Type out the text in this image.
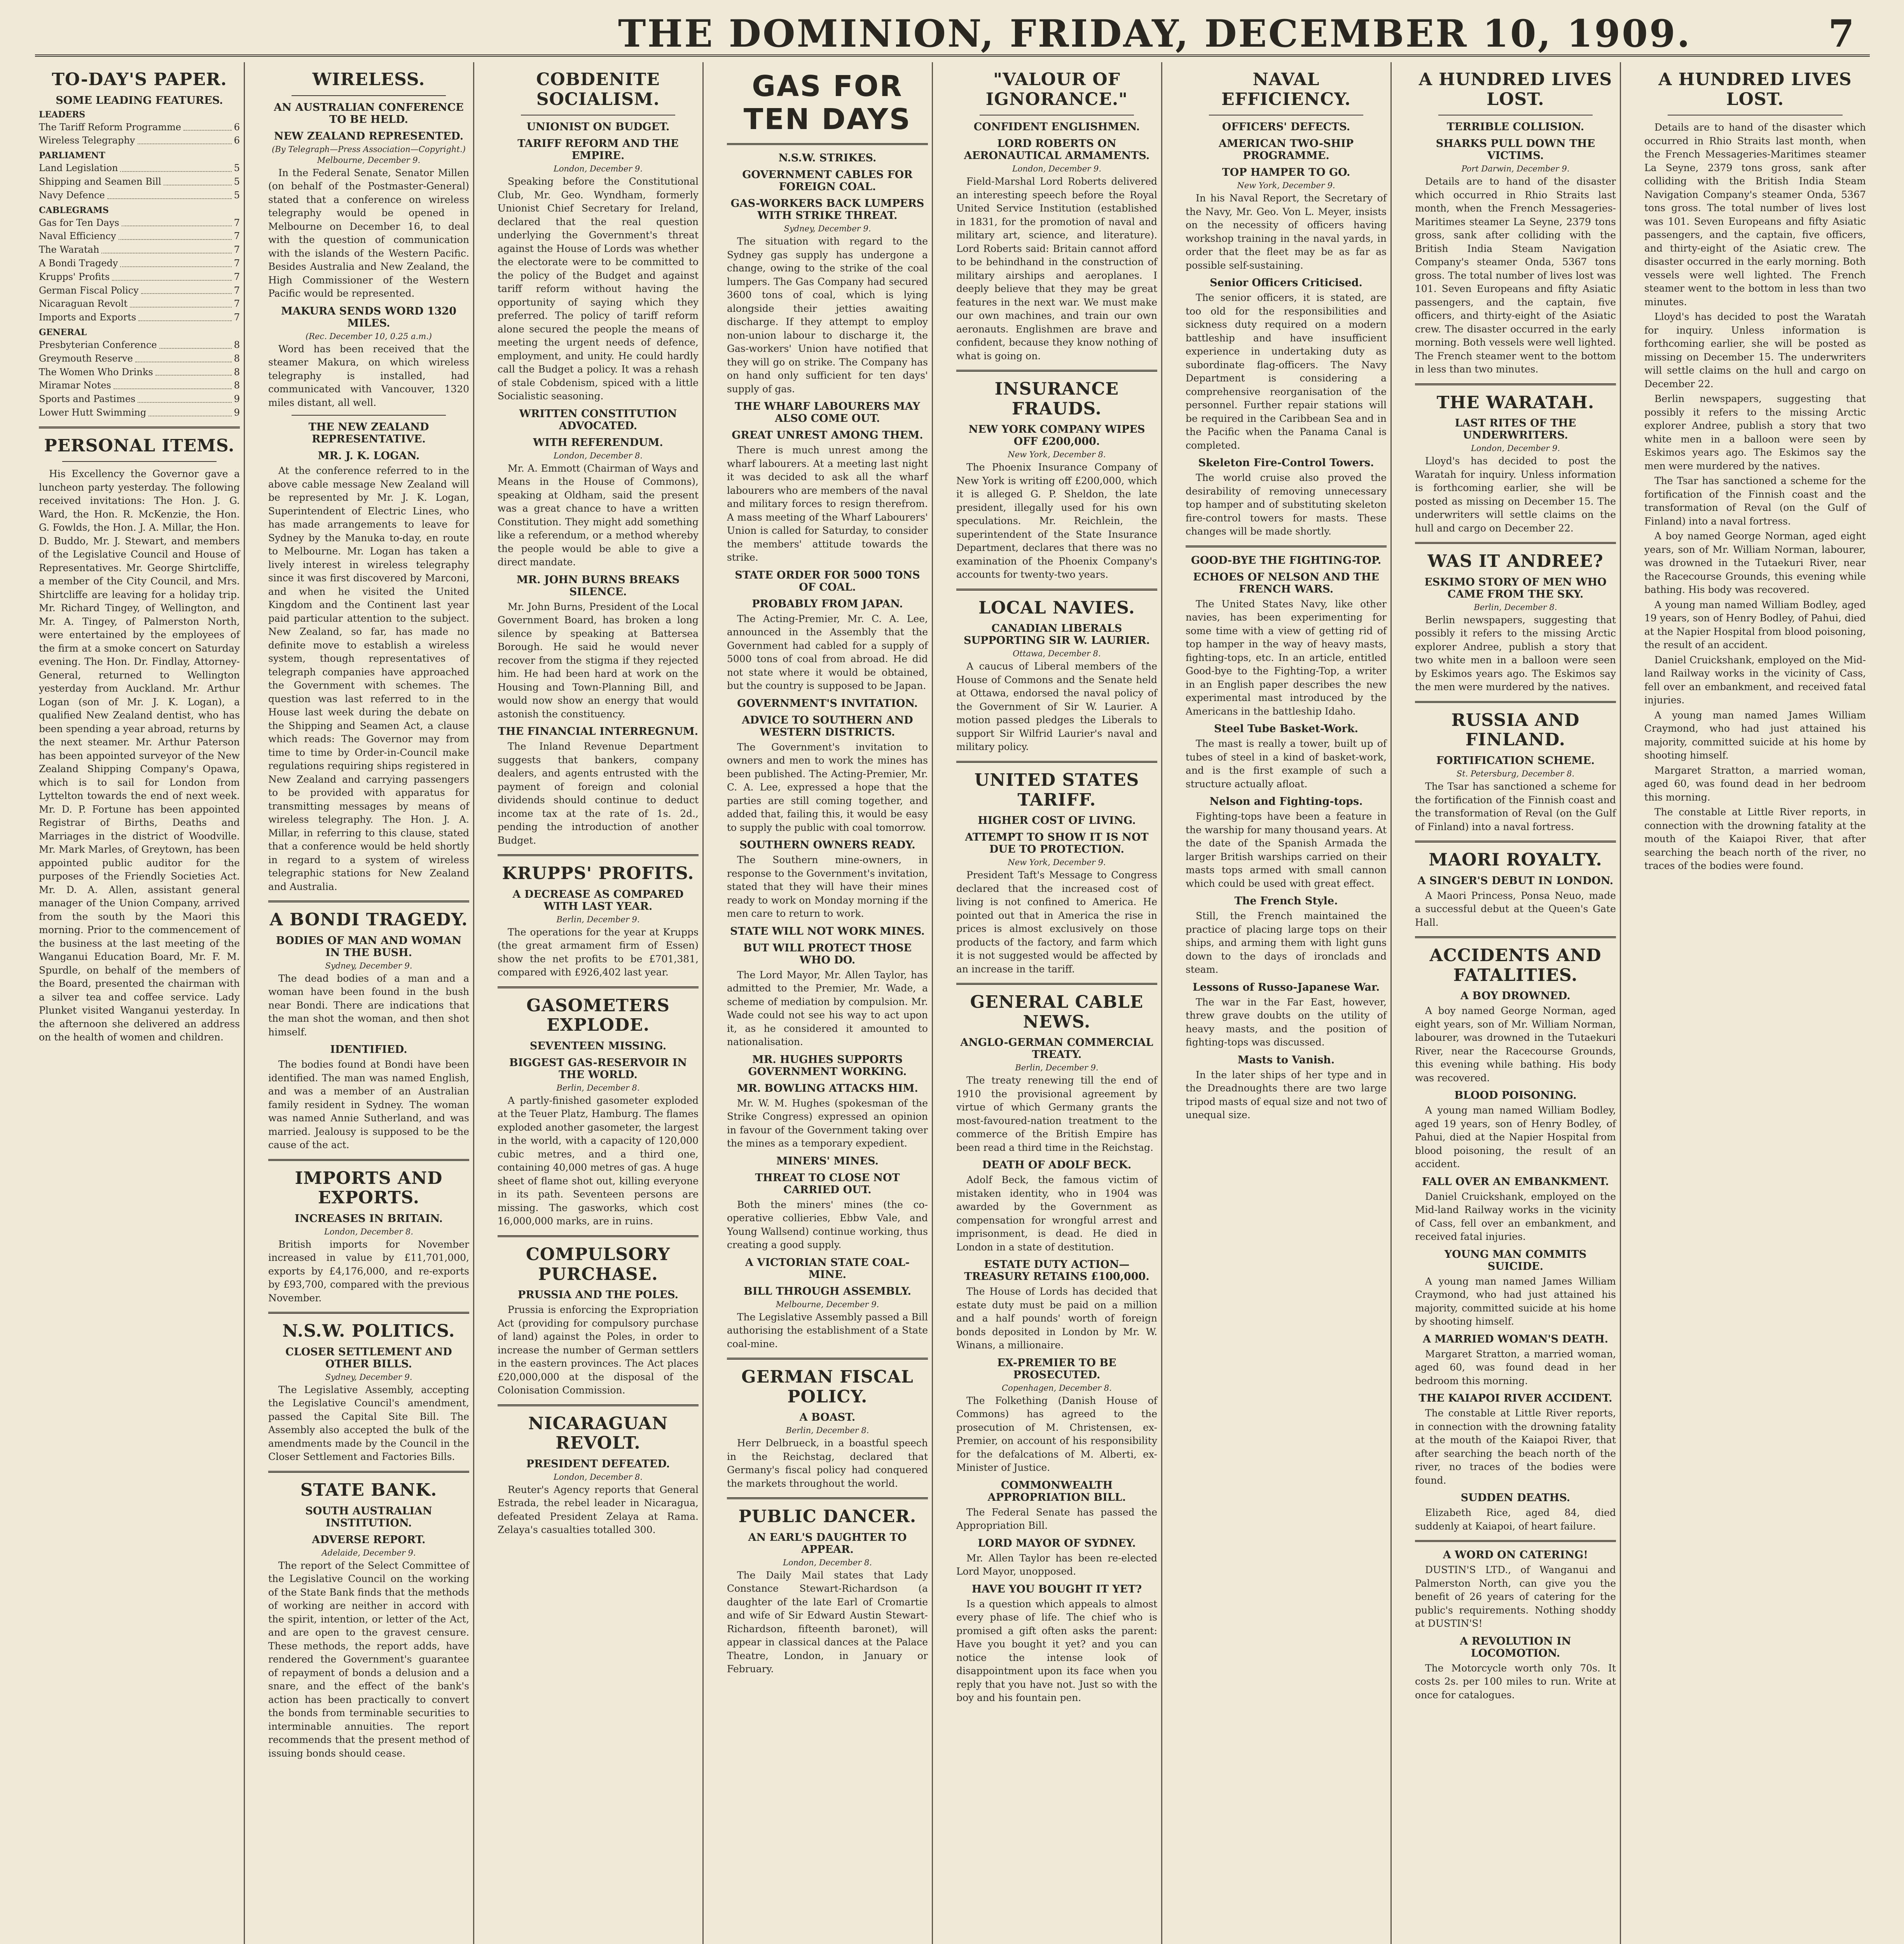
THE DOMINION, FRIDAY, DECEMBER 10, 1909.	7
TO-DAY'S PAPER.
SOME LEADING FEATURES.
LEADERS
The Tariff Reform Programme	6
Wireless Telegraphy	6
PARLIAMENT
Land Legislation	5
Shipping and Seamen Bill	5
Navy Defence	5
CABLEGRAMS
Gas for Ten Days	7
Naval Efficiency	7
The Waratah	7
A Bondi Tragedy	7
Krupps' Profits	7
German Fiscal Policy	7
Nicaraguan Revolt	7
Imports and Exports	7
GENERAL
Presbyterian Conference	8
Greymouth Reserve	8
The Women Who Drinks	8
Miramar Notes	8
Sports and Pastimes	9
Lower Hutt Swimming	9
PERSONAL ITEMS.

His Excellency the Governor gave a luncheon party yesterday. The following received invitations: The Hon. J. G. Ward, the Hon. R. McKenzie, the Hon. G. Fowlds, the Hon. J. A. Millar, the Hon. D. Buddo, Mr. J. Stewart, and members of the Legislative Council and House of Representatives. Mr. George Shirtcliffe, a member of the City Council, and Mrs. Shirtcliffe are leaving for a holiday trip. Mr. Richard Tingey, of Wellington, and Mr. A. Tingey, of Palmerston North, were entertained by the employees of the firm at a smoke concert on Saturday evening. The Hon. Dr. Findlay, Attorney-General, returned to Wellington yesterday from Auckland. Mr. Arthur Logan (son of Mr. J. K. Logan), a qualified New Zealand dentist, who has been spending a year abroad, returns by the next steamer. Mr. Arthur Paterson has been appointed surveyor of the New Zealand Shipping Company's Opawa, which is to sail for London from Lyttelton towards the end of next week. Mr. D. P. Fortune has been appointed Registrar of Births, Deaths and Marriages in the district of Woodville. Mr. Mark Marles, of Greytown, has been appointed public auditor for the purposes of the Friendly Societies Act. Mr. D. A. Allen, assistant general manager of the Union Company, arrived from the south by the Maori this morning. Prior to the commencement of the business at the last meeting of the Wanganui Education Board, Mr. F. M. Spurdle, on behalf of the members of the Board, presented the chairman with a silver tea and coffee service. Lady Plunket visited Wanganui yesterday. In the afternoon she delivered an address on the health of women and children.

WIRELESS.
AN AUSTRALIAN CONFERENCE TO BE HELD.
NEW ZEALAND REPRESENTED.
(By Telegraph—Press Association—Copyright.)
Melbourne, December 9.

In the Federal Senate, Senator Millen (on behalf of the Postmaster-General) stated that a conference on wireless telegraphy would be opened in Melbourne on December 16, to deal with the question of communication with the islands of the Western Pacific. Besides Australia and New Zealand, the High Commissioner of the Western Pacific would be represented.

MAKURA SENDS WORD 1320 MILES.
(Rec. December 10, 0.25 a.m.)

Word has been received that the steamer Makura, on which wireless telegraphy is installed, had communicated with Vancouver, 1320 miles distant, all well.

THE NEW ZEALAND REPRESENTATIVE.
MR. J. K. LOGAN.

At the conference referred to in the above cable message New Zealand will be represented by Mr. J. K. Logan, Superintendent of Electric Lines, who has made arrangements to leave for Sydney by the Manuka to-day, en route to Melbourne. Mr. Logan has taken a lively interest in wireless telegraphy since it was first discovered by Marconi, and when he visited the United Kingdom and the Continent last year paid particular attention to the subject. New Zealand, so far, has made no definite move to establish a wireless system, though representatives of telegraph companies have approached the Government with schemes. The question was last referred to in the House last week during the debate on the Shipping and Seamen Act, a clause which reads: The Governor may from time to time by Order-in-Council make regulations requiring ships registered in New Zealand and carrying passengers to be provided with apparatus for transmitting messages by means of wireless telegraphy. The Hon. J. A. Millar, in referring to this clause, stated that a conference would be held shortly in regard to a system of wireless telegraphic stations for New Zealand and Australia.

A BONDI TRAGEDY.
BODIES OF MAN AND WOMAN IN THE BUSH.
Sydney, December 9.

The dead bodies of a man and a woman have been found in the bush near Bondi. There are indications that the man shot the woman, and then shot himself.

IDENTIFIED.

The bodies found at Bondi have been identified. The man was named English, and was a member of an Australian family resident in Sydney. The woman was named Annie Sutherland, and was married. Jealousy is supposed to be the cause of the act.

IMPORTS AND EXPORTS.
INCREASES IN BRITAIN.
London, December 8.

British imports for November increased in value by £11,701,000, exports by £4,176,000, and re-exports by £93,700, compared with the previous November.

N.S.W. POLITICS.
CLOSER SETTLEMENT AND OTHER BILLS.
Sydney, December 9.

The Legislative Assembly, accepting the Legislative Council's amendment, passed the Capital Site Bill. The Assembly also accepted the bulk of the amendments made by the Council in the Closer Settlement and Factories Bills.

STATE BANK.
SOUTH AUSTRALIAN INSTITUTION.
ADVERSE REPORT.
Adelaide, December 9.

The report of the Select Committee of the Legislative Council on the working of the State Bank finds that the methods of working are neither in accord with the spirit, intention, or letter of the Act, and are open to the gravest censure. These methods, the report adds, have rendered the Government's guarantee of repayment of bonds a delusion and a snare, and the effect of the bank's action has been practically to convert the bonds from terminable securities to interminable annuities. The report recommends that the present method of issuing bonds should cease.

COBDENITE SOCIALISM.
UNIONIST ON BUDGET.
TARIFF REFORM AND THE EMPIRE.
London, December 9.

Speaking before the Constitutional Club, Mr. Geo. Wyndham, formerly Unionist Chief Secretary for Ireland, declared that the real question underlying the Government's threat against the House of Lords was whether the electorate were to be committed to the policy of the Budget and against tariff reform without having the opportunity of saying which they preferred. The policy of tariff reform alone secured the people the means of meeting the urgent needs of defence, employment, and unity. He could hardly call the Budget a policy. It was a rehash of stale Cobdenism, spiced with a little Socialistic seasoning.

WRITTEN CONSTITUTION ADVOCATED.
WITH REFERENDUM.
London, December 8.

Mr. A. Emmott (Chairman of Ways and Means in the House of Commons), speaking at Oldham, said the present was a great chance to have a written Constitution. They might add something like a referendum, or a method whereby the people would be able to give a direct mandate.

MR. JOHN BURNS BREAKS SILENCE.

Mr. John Burns, President of the Local Government Board, has broken a long silence by speaking at Battersea Borough. He said he would never recover from the stigma if they rejected him. He had been hard at work on the Housing and Town-Planning Bill, and would now show an energy that would astonish the constituency.

THE FINANCIAL INTERREGNUM.

The Inland Revenue Department suggests that bankers, company dealers, and agents entrusted with the payment of foreign and colonial dividends should continue to deduct income tax at the rate of 1s. 2d., pending the introduction of another Budget.

KRUPPS' PROFITS.
A DECREASE AS COMPARED WITH LAST YEAR.
Berlin, December 9.

The operations for the year at Krupps (the great armament firm of Essen) show the net profits to be £701,381, compared with £926,402 last year.

GASOMETERS EXPLODE.
SEVENTEEN MISSING.
BIGGEST GAS-RESERVOIR IN THE WORLD.
Berlin, December 8.

A partly-finished gasometer exploded at the Teuer Platz, Hamburg. The flames exploded another gasometer, the largest in the world, with a capacity of 120,000 cubic metres, and a third one, containing 40,000 metres of gas. A huge sheet of flame shot out, killing everyone in its path. Seventeen persons are missing. The gasworks, which cost 16,000,000 marks, are in ruins.

COMPULSORY PURCHASE.
PRUSSIA AND THE POLES.

Prussia is enforcing the Expropriation Act (providing for compulsory purchase of land) against the Poles, in order to increase the number of German settlers in the eastern provinces. The Act places £20,000,000 at the disposal of the Colonisation Commission.

NICARAGUAN REVOLT.
PRESIDENT DEFEATED.
London, December 8.

Reuter's Agency reports that General Estrada, the rebel leader in Nicaragua, defeated President Zelaya at Rama. Zelaya's casualties totalled 300.

GAS FOR TEN DAYS
N.S.W. STRIKES.
GOVERNMENT CABLES FOR FOREIGN COAL.
GAS-WORKERS BACK LUMPERS WITH STRIKE THREAT.
Sydney, December 9.

The situation with regard to the Sydney gas supply has undergone a change, owing to the strike of the coal lumpers. The Gas Company had secured 3600 tons of coal, which is lying alongside their jetties awaiting discharge. If they attempt to employ non-union labour to discharge it, the Gas-workers' Union have notified that they will go on strike. The Company has on hand only sufficient for ten days' supply of gas.

THE WHARF LABOURERS MAY ALSO COME OUT.
GREAT UNREST AMONG THEM.

There is much unrest among the wharf labourers. At a meeting last night it was decided to ask all the wharf labourers who are members of the naval and military forces to resign therefrom. A mass meeting of the Wharf Labourers' Union is called for Saturday, to consider the members' attitude towards the strike.

STATE ORDER FOR 5000 TONS OF COAL.
PROBABLY FROM JAPAN.

The Acting-Premier, Mr. C. A. Lee, announced in the Assembly that the Government had cabled for a supply of 5000 tons of coal from abroad. He did not state where it would be obtained, but the country is supposed to be Japan.

GOVERNMENT'S INVITATION.
ADVICE TO SOUTHERN AND WESTERN DISTRICTS.

The Government's invitation to owners and men to work the mines has been published. The Acting-Premier, Mr. C. A. Lee, expressed a hope that the parties are still coming together, and added that, failing this, it would be easy to supply the public with coal tomorrow.

SOUTHERN OWNERS READY.

The Southern mine-owners, in response to the Government's invitation, stated that they will have their mines ready to work on Monday morning if the men care to return to work.

STATE WILL NOT WORK MINES.
BUT WILL PROTECT THOSE WHO DO.

The Lord Mayor, Mr. Allen Taylor, has admitted to the Premier, Mr. Wade, a scheme of mediation by compulsion. Mr. Wade could not see his way to act upon it, as he considered it amounted to nationalisation.

MR. HUGHES SUPPORTS GOVERNMENT WORKING.
MR. BOWLING ATTACKS HIM.

Mr. W. M. Hughes (spokesman of the Strike Congress) expressed an opinion in favour of the Government taking over the mines as a temporary expedient.

MINERS' MINES.
THREAT TO CLOSE NOT CARRIED OUT.

Both the miners' mines (the co-operative collieries, Ebbw Vale, and Young Wallsend) continue working, thus creating a good supply.

A VICTORIAN STATE COAL-MINE.
BILL THROUGH ASSEMBLY.
Melbourne, December 9.

The Legislative Assembly passed a Bill authorising the establishment of a State coal-mine.

GERMAN FISCAL POLICY.
A BOAST.
Berlin, December 8.

Herr Delbrueck, in a boastful speech in the Reichstag, declared that Germany's fiscal policy had conquered the markets throughout the world.

PUBLIC DANCER.
AN EARL'S DAUGHTER TO APPEAR.
London, December 8.

The Daily Mail states that Lady Constance Stewart-Richardson (a daughter of the late Earl of Cromartie and wife of Sir Edward Austin Stewart-Richardson, fifteenth baronet), will appear in classical dances at the Palace Theatre, London, in January or February.

"VALOUR OF IGNORANCE."
CONFIDENT ENGLISHMEN.
LORD ROBERTS ON AERONAUTICAL ARMAMENTS.
London, December 9.

Field-Marshal Lord Roberts delivered an interesting speech before the Royal United Service Institution (established in 1831, for the promotion of naval and military art, science, and literature). Lord Roberts said: Britain cannot afford to be behindhand in the construction of military airships and aeroplanes. I deeply believe that they may be great features in the next war. We must make our own machines, and train our own aeronauts. Englishmen are brave and confident, because they know nothing of what is going on.

INSURANCE FRAUDS.
NEW YORK COMPANY WIPES OFF £200,000.
New York, December 8.

The Phoenix Insurance Company of New York is writing off £200,000, which it is alleged G. P. Sheldon, the late president, illegally used for his own speculations. Mr. Reichlein, the superintendent of the State Insurance Department, declares that there was no examination of the Phoenix Company's accounts for twenty-two years.

LOCAL NAVIES.
CANADIAN LIBERALS SUPPORTING SIR W. LAURIER.
Ottawa, December 8.

A caucus of Liberal members of the House of Commons and the Senate held at Ottawa, endorsed the naval policy of the Government of Sir W. Laurier. A motion passed pledges the Liberals to support Sir Wilfrid Laurier's naval and military policy.

UNITED STATES TARIFF.
HIGHER COST OF LIVING.
ATTEMPT TO SHOW IT IS NOT DUE TO PROTECTION.
New York, December 9.

President Taft's Message to Congress declared that the increased cost of living is not confined to America. He pointed out that in America the rise in prices is almost exclusively on those products of the factory, and farm which it is not suggested would be affected by an increase in the tariff.

GENERAL CABLE NEWS.
ANGLO-GERMAN COMMERCIAL TREATY.
Berlin, December 9.

The treaty renewing till the end of 1910 the provisional agreement by virtue of which Germany grants the most-favoured-nation treatment to the commerce of the British Empire has been read a third time in the Reichstag.

DEATH OF ADOLF BECK.

Adolf Beck, the famous victim of mistaken identity, who in 1904 was awarded by the Government as compensation for wrongful arrest and imprisonment, is dead. He died in London in a state of destitution.

ESTATE DUTY ACTION—TREASURY RETAINS £100,000.

The House of Lords has decided that estate duty must be paid on a million and a half pounds' worth of foreign bonds deposited in London by Mr. W. Winans, a millionaire.

EX-PREMIER TO BE PROSECUTED.
Copenhagen, December 8.

The Folkething (Danish House of Commons) has agreed to the prosecution of M. Christensen, ex-Premier, on account of his responsibility for the defalcations of M. Alberti, ex-Minister of Justice.

COMMONWEALTH APPROPRIATION BILL.

The Federal Senate has passed the Appropriation Bill.

LORD MAYOR OF SYDNEY.

Mr. Allen Taylor has been re-elected Lord Mayor, unopposed.

HAVE YOU BOUGHT IT YET?

Is a question which appeals to almost every phase of life. The chief who is promised a gift often asks the parent: Have you bought it yet? and you can notice the intense look of disappointment upon its face when you reply that you have not. Just so with the boy and his fountain pen.

NAVAL EFFICIENCY.
OFFICERS' DEFECTS.
AMERICAN TWO-SHIP PROGRAMME.
TOP HAMPER TO GO.
New York, December 9.

In his Naval Report, the Secretary of the Navy, Mr. Geo. Von L. Meyer, insists on the necessity of officers having workshop training in the naval yards, in order that the fleet may be as far as possible self-sustaining.

Senior Officers Criticised.

The senior officers, it is stated, are too old for the responsibilities and sickness duty required on a modern battleship and have insufficient experience in undertaking duty as subordinate flag-officers. The Navy Department is considering a comprehensive reorganisation of the personnel. Further repair stations will be required in the Caribbean Sea and in the Pacific when the Panama Canal is completed.

Skeleton Fire-Control Towers.

The world cruise also proved the desirability of removing unnecessary top hamper and of substituting skeleton fire-control towers for masts. These changes will be made shortly.

GOOD-BYE THE FIGHTING-TOP.
ECHOES OF NELSON AND THE FRENCH WARS.

The United States Navy, like other navies, has been experimenting for some time with a view of getting rid of top hamper in the way of heavy masts, fighting-tops, etc. In an article, entitled Good-bye to the Fighting-Top, a writer in an English paper describes the new experimental mast introduced by the Americans in the battleship Idaho.

Steel Tube Basket-Work.

The mast is really a tower, built up of tubes of steel in a kind of basket-work, and is the first example of such a structure actually afloat.

Nelson and Fighting-tops.

Fighting-tops have been a feature in the warship for many thousand years. At the date of the Spanish Armada the larger British warships carried on their masts tops armed with small cannon which could be used with great effect.

The French Style.

Still, the French maintained the practice of placing large tops on their ships, and arming them with light guns down to the days of ironclads and steam.

Lessons of Russo-Japanese War.

The war in the Far East, however, threw grave doubts on the utility of heavy masts, and the position of fighting-tops was discussed.

Masts to Vanish.

In the later ships of her type and in the Dreadnoughts there are two large tripod masts of equal size and not two of unequal size.

A HUNDRED LIVES LOST.
TERRIBLE COLLISION.
SHARKS PULL DOWN THE VICTIMS.
Port Darwin, December 9.

Details are to hand of the disaster which occurred in Rhio Straits last month, when the French Messageries-Maritimes steamer La Seyne, 2379 tons gross, sank after colliding with the British India Steam Navigation Company's steamer Onda, 5367 tons gross. The total number of lives lost was 101. Seven Europeans and fifty Asiatic passengers, and the captain, five officers, and thirty-eight of the Asiatic crew. The disaster occurred in the early morning. Both vessels were well lighted. The French steamer went to the bottom in less than two minutes.

THE WARATAH.
LAST RITES OF THE UNDERWRITERS.
London, December 9.

Lloyd's has decided to post the Waratah for inquiry. Unless information is forthcoming earlier, she will be posted as missing on December 15. The underwriters will settle claims on the hull and cargo on December 22.

WAS IT ANDREE?
ESKIMO STORY OF MEN WHO CAME FROM THE SKY.
Berlin, December 8.

Berlin newspapers, suggesting that possibly it refers to the missing Arctic explorer Andree, publish a story that two white men in a balloon were seen by Eskimos years ago. The Eskimos say the men were murdered by the natives.

RUSSIA AND FINLAND.
FORTIFICATION SCHEME.
St. Petersburg, December 8.

The Tsar has sanctioned a scheme for the fortification of the Finnish coast and the transformation of Reval (on the Gulf of Finland) into a naval fortress.

MAORI ROYALTY.
A SINGER'S DEBUT IN LONDON.

A Maori Princess, Ponsa Neuo, made a successful debut at the Queen's Gate Hall.

ACCIDENTS AND FATALITIES.
A BOY DROWNED.

A boy named George Norman, aged eight years, son of Mr. William Norman, labourer, was drowned in the Tutaekuri River, near the Racecourse Grounds, this evening while bathing. His body was recovered.

BLOOD POISONING.

A young man named William Bodley, aged 19 years, son of Henry Bodley, of Pahui, died at the Napier Hospital from blood poisoning, the result of an accident.

FALL OVER AN EMBANKMENT.

Daniel Cruickshank, employed on the Mid-land Railway works in the vicinity of Cass, fell over an embankment, and received fatal injuries.

YOUNG MAN COMMITS SUICIDE.

A young man named James William Craymond, who had just attained his majority, committed suicide at his home by shooting himself.

A MARRIED WOMAN'S DEATH.

Margaret Stratton, a married woman, aged 60, was found dead in her bedroom this morning.

THE KAIAPOI RIVER ACCIDENT.

The constable at Little River reports, in connection with the drowning fatality at the mouth of the Kaiapoi River, that after searching the beach north of the river, no traces of the bodies were found.

SUDDEN DEATHS.

Elizabeth Rice, aged 84, died suddenly at Kaiapoi, of heart failure.

A WORD ON CATERING!

DUSTIN'S LTD., of Wanganui and Palmerston North, can give you the benefit of 26 years of catering for the public's requirements. Nothing shoddy at DUSTIN'S!

A REVOLUTION IN LOCOMOTION.

The Motorcycle worth only 70s. It costs 2s. per 100 miles to run. Write at once for catalogues.

A HUNDRED LIVES LOST.

Details are to hand of the disaster which occurred in Rhio Straits last month, when the French Messageries-Maritimes steamer La Seyne, 2379 tons gross, sank after colliding with the British India Steam Navigation Company's steamer Onda, 5367 tons gross. The total number of lives lost was 101. Seven Europeans and fifty Asiatic passengers, and the captain, five officers, and thirty-eight of the Asiatic crew. The disaster occurred in the early morning. Both vessels were well lighted. The French steamer went to the bottom in less than two minutes.

Lloyd's has decided to post the Waratah for inquiry. Unless information is forthcoming earlier, she will be posted as missing on December 15. The underwriters will settle claims on the hull and cargo on December 22.

Berlin newspapers, suggesting that possibly it refers to the missing Arctic explorer Andree, publish a story that two white men in a balloon were seen by Eskimos years ago. The Eskimos say the men were murdered by the natives.

The Tsar has sanctioned a scheme for the fortification of the Finnish coast and the transformation of Reval (on the Gulf of Finland) into a naval fortress.

A boy named George Norman, aged eight years, son of Mr. William Norman, labourer, was drowned in the Tutaekuri River, near the Racecourse Grounds, this evening while bathing. His body was recovered.

A young man named William Bodley, aged 19 years, son of Henry Bodley, of Pahui, died at the Napier Hospital from blood poisoning, the result of an accident.

Daniel Cruickshank, employed on the Mid-land Railway works in the vicinity of Cass, fell over an embankment, and received fatal injuries.

A young man named James William Craymond, who had just attained his majority, committed suicide at his home by shooting himself.

Margaret Stratton, a married woman, aged 60, was found dead in her bedroom this morning.

The constable at Little River reports, in connection with the drowning fatality at the mouth of the Kaiapoi River, that after searching the beach north of the river, no traces of the bodies were found.
